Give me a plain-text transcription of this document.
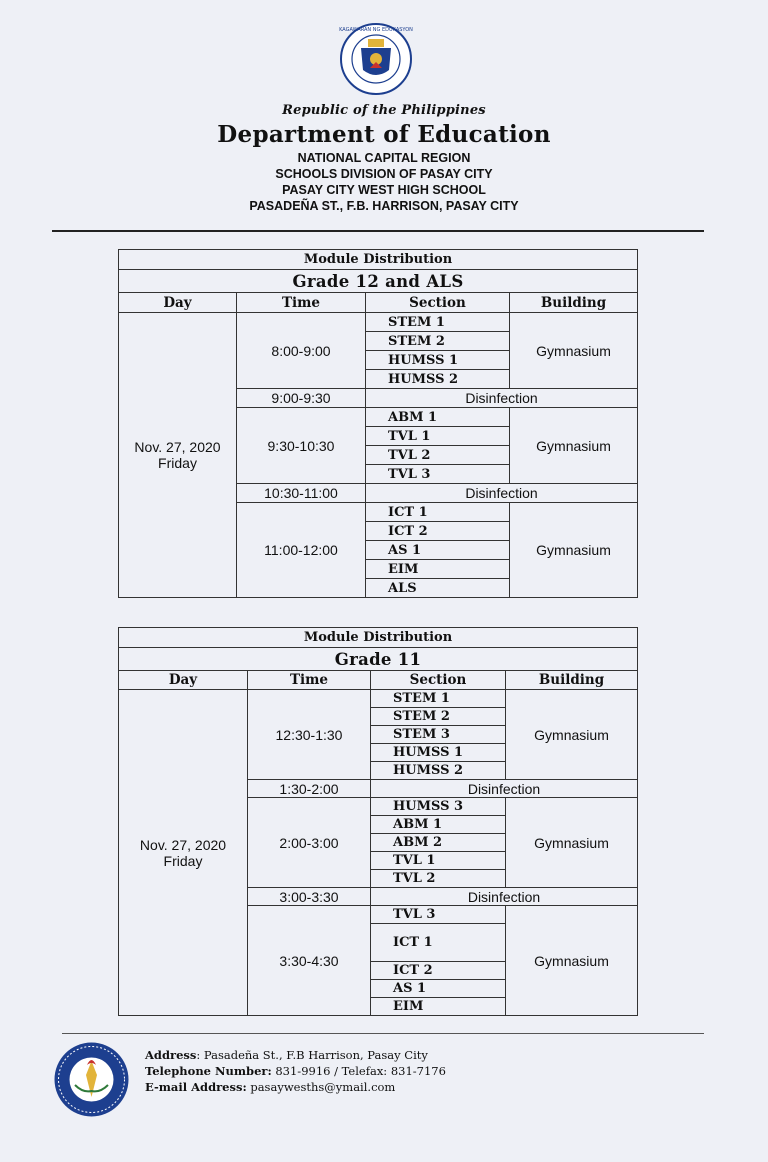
KAGAWARAN NG EDUKASYON
Republic of the Philippines
Department of Education
NATIONAL CAPITAL REGION
SCHOOLS DIVISION OF PASAY CITY
PASAY CITY WEST HIGH SCHOOL
PASADEÑA ST., F.B. HARRISON, PASAY CITY
Module Distribution			
Grade 12 and ALS			
Day	Time	Section	Building
Nov. 27, 2020
Friday	8:00-9:00	STEM 1	Gymnasium
		STEM 2	
		HUMSS 1	
		HUMSS 2	
	9:00-9:30	Disinfection	
	9:30-10:30	ABM 1	Gymnasium
		TVL 1	
		TVL 2	
		TVL 3	
	10:30-11:00	Disinfection	
	11:00-12:00	ICT 1	Gymnasium
		ICT 2	
		AS 1	
		EIM	
		ALS	
Module Distribution			
Grade 11			
Day	Time	Section	Building
Nov. 27, 2020
Friday	12:30-1:30	STEM 1	Gymnasium
		STEM 2	
		STEM 3	
		HUMSS 1	
		HUMSS 2	
	1:30-2:00	Disinfection	
	2:00-3:00	HUMSS 3	Gymnasium
		ABM 1	
		ABM 2	
		TVL 1	
		TVL 2	
	3:00-3:30	Disinfection	
	3:30-4:30	TVL 3	Gymnasium
		ICT 1	
		ICT 2	
		AS 1	
		EIM	
Address: Pasadeña St., F.B Harrison, Pasay City
Telephone Number: 831-9916 / Telefax: 831-7176
E-mail Address: pasaywesths@ymail.com
